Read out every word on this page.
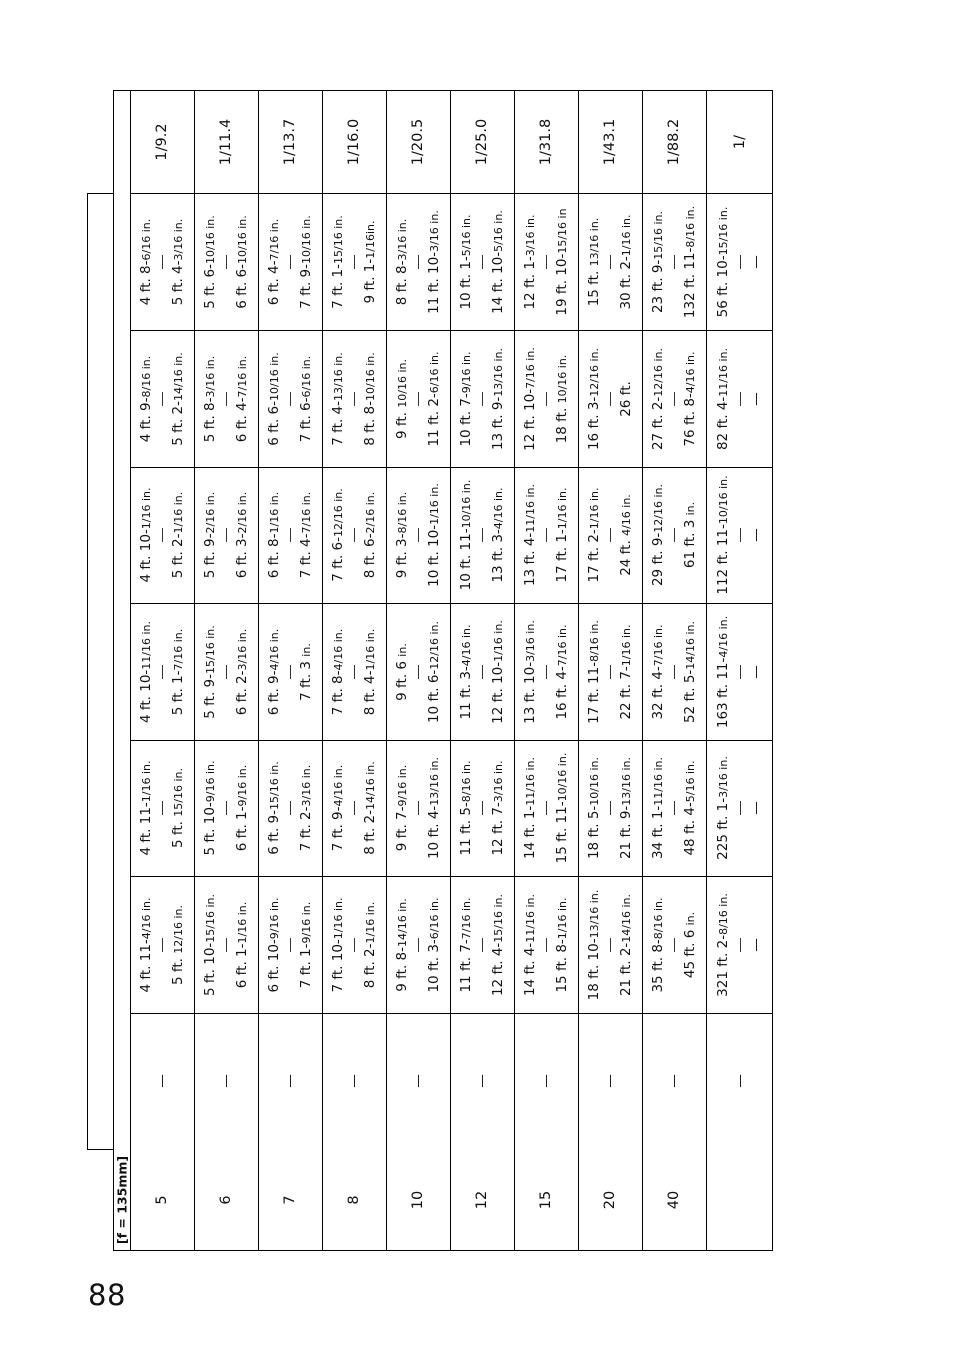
88
[f = 135mm] 5
—
4 ft. 11-4/16 in.
5 ft. 12/16 in.
4 ft. 11-1/16 in.
5 ft. 15/16 in.
4 ft. 10-11/16 in.
5 ft. 1-7/16 in.
4 ft. 10-1/16 in.
5 ft. 2-1/16 in.
4 ft. 9-8/16 in.
5 ft. 2-14/16 in.
4 ft. 8-6/16 in.
5 ft. 4-3/16 in.
1/9.2
6
—
5 ft. 10-15/16 in.
6 ft. 1-1/16 in.
5 ft. 10-9/16 in.
6 ft. 1-9/16 in.
5 ft. 9-15/16 in.
6 ft. 2-3/16 in.
5 ft. 9-2/16 in.
6 ft. 3-2/16 in.
5 ft. 8-3/16 in.
6 ft. 4-7/16 in.
5 ft. 6-10/16 in.
6 ft. 6-10/16 in.
1/11.4
7
—
6 ft. 10-9/16 in.
7 ft. 1-9/16 in.
6 ft. 9-15/16 in.
7 ft. 2-3/16 in.
6 ft. 9-4/16 in.
7 ft. 3 in.
6 ft. 8-1/16 in.
7 ft. 4-7/16 in.
6 ft. 6-10/16 in.
7 ft. 6-6/16 in.
6 ft. 4-7/16 in.
7 ft. 9-10/16 in.
1/13.7
8
—
7 ft. 10-1/16 in.
8 ft. 2-1/16 in.
7 ft. 9-4/16 in.
8 ft. 2-14/16 in.
7 ft. 8-4/16 in.
8 ft. 4-1/16 in.
7 ft. 6-12/16 in.
8 ft. 6-2/16 in.
7 ft. 4-13/16 in.
8 ft. 8-10/16 in.
7 ft. 1-15/16 in.
9 ft. 1-1/16in.
1/16.0
10
—
9 ft. 8-14/16 in.
10 ft. 3-6/16 in.
9 ft. 7-9/16 in.
10 ft. 4-13/16 in.
9 ft. 6 in.
10 ft. 6-12/16 in.
9 ft. 3-8/16 in.
10 ft. 10-1/16 in.
9 ft. 10/16 in.
11 ft. 2-6/16 in.
8 ft. 8-3/16 in.
11 ft. 10-3/16 in.
1/20.5
12
—
11 ft. 7-7/16 in.
12 ft. 4-15/16 in.
11 ft. 5-8/16 in.
12 ft. 7-3/16 in.
11 ft. 3-4/16 in.
12 ft. 10-1/16 in.
10 ft. 11-10/16 in.
13 ft. 3-4/16 in.
10 ft. 7-9/16 in.
13 ft. 9-13/16 in.
10 ft. 1-5/16 in.
14 ft. 10-5/16 in.
1/25.0
15
—
14 ft. 4-11/16 in.
15 ft. 8-1/16 in.
14 ft. 1-11/16 in.
15 ft. 11-10/16 in.
13 ft. 10-3/16 in.
16 ft. 4-7/16 in.
13 ft. 4-11/16 in.
17 ft. 1-1/16 in.
12 ft. 10-7/16 in.
18 ft. 10/16 in.
12 ft. 1-3/16 in.
19 ft. 10-15/16 in
1/31.8
20
—
18 ft. 10-13/16 in.
21 ft. 2-14/16 in.
18 ft. 5-10/16 in.
21 ft. 9-13/16 in.
17 ft. 11-8/16 in.
22 ft. 7-1/16 in.
17 ft. 2-1/16 in.
24 ft. 4/16 in.
16 ft. 3-12/16 in.
26 ft.
15 ft. 13/16 in.
30 ft. 2-1/16 in.
1/43.1
40
—
35 ft. 8-8/16 in.
45 ft. 6 in.
34 ft. 1-11/16 in.
48 ft. 4-5/16 in.
32 ft. 4-7/16 in.
52 ft. 5-14/16 in.
29 ft. 9-12/16 in.
61 ft. 3 in.
27 ft. 2-12/16 in.
76 ft. 8-4/16 in.
23 ft. 9-15/16 in.
132 ft. 11-8/16 in.
1/88.2
—
321 ft. 2-8/16 in.
—
225 ft. 1-3/16 in.
—
163 ft. 11-4/16 in.
—
112 ft. 11-10/16 in.
—
82 ft. 4-11/16 in.
—
56 ft. 10-15/16 in.
—
1/
